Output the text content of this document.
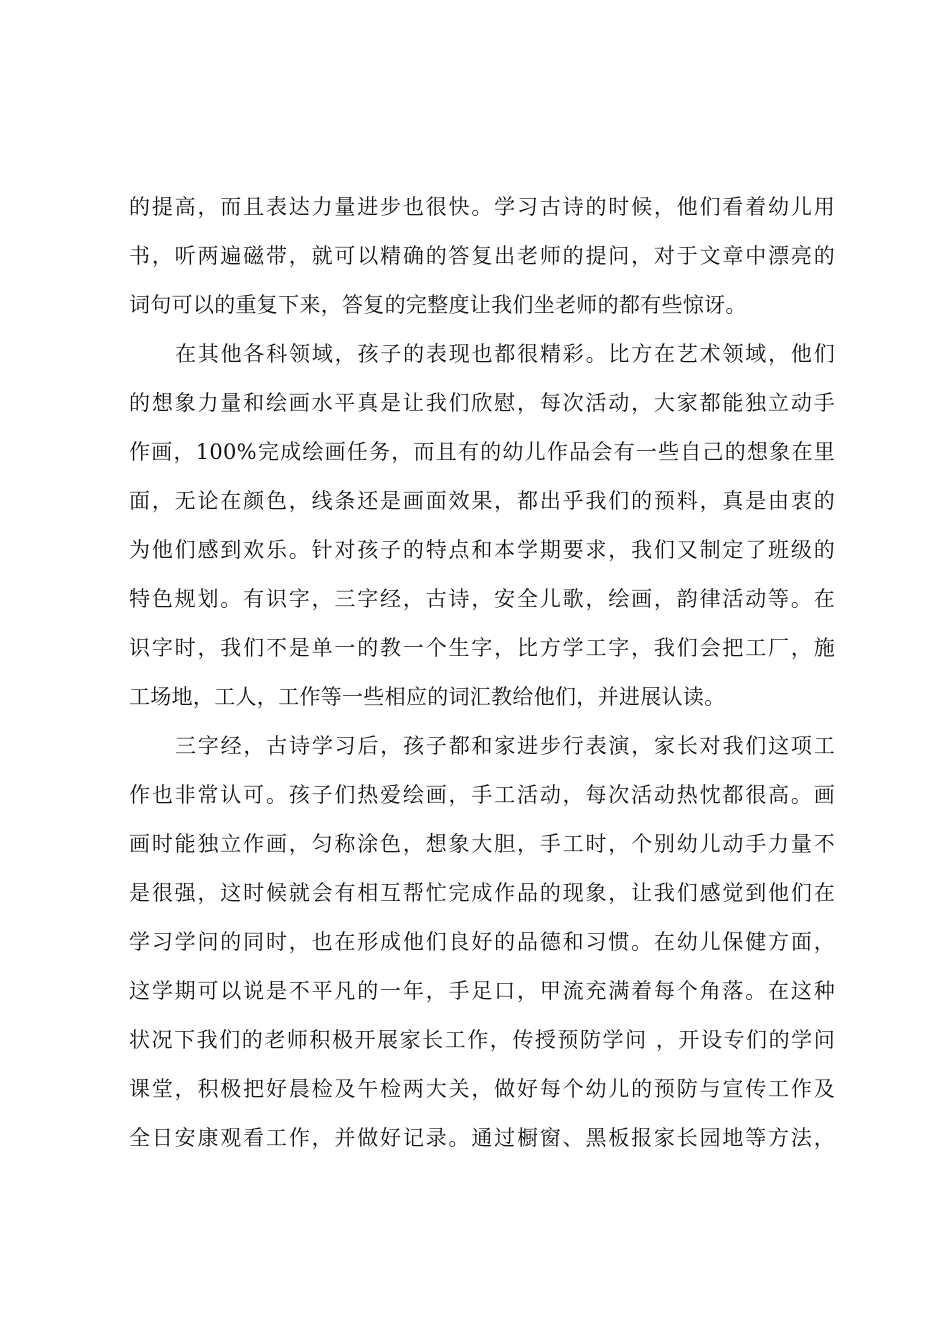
的提高，而且表达力量进步也很快。学习古诗的时候，他们看着幼儿用
书，听两遍磁带，就可以精确的答复出老师的提问，对于文章中漂亮的
词句可以的重复下来，答复的完整度让我们坐老师的都有些惊讶。
在其他各科领域，孩子的表现也都很精彩。比方在艺术领域，他们
的想象力量和绘画水平真是让我们欣慰，每次活动，大家都能独立动手
作画，100%完成绘画任务，而且有的幼儿作品会有一些自己的想象在里
面，无论在颜色，线条还是画面效果，都出乎我们的预料，真是由衷的
为他们感到欢乐。针对孩子的特点和本学期要求，我们又制定了班级的
特色规划。有识字，三字经，古诗，安全儿歌，绘画，韵律活动等。在
识字时，我们不是单一的教一个生字，比方学工字，我们会把工厂，施
工场地，工人，工作等一些相应的词汇教给他们，并进展认读。
三字经，古诗学习后，孩子都和家进步行表演，家长对我们这项工
作也非常认可。孩子们热爱绘画，手工活动，每次活动热忱都很高。画
画时能独立作画，匀称涂色，想象大胆，手工时，个别幼儿动手力量不
是很强，这时候就会有相互帮忙完成作品的现象，让我们感觉到他们在
学习学问的同时，也在形成他们良好的品德和习惯。在幼儿保健方面，
这学期可以说是不平凡的一年，手足口，甲流充满着每个角落。在这种
状况下我们的老师积极开展家长工作，传授预防学问 ，开设专们的学问
课堂，积极把好晨检及午检两大关，做好每个幼儿的预防与宣传工作及
全日安康观看工作，并做好记录。通过橱窗、黑板报家长园地等方法，
